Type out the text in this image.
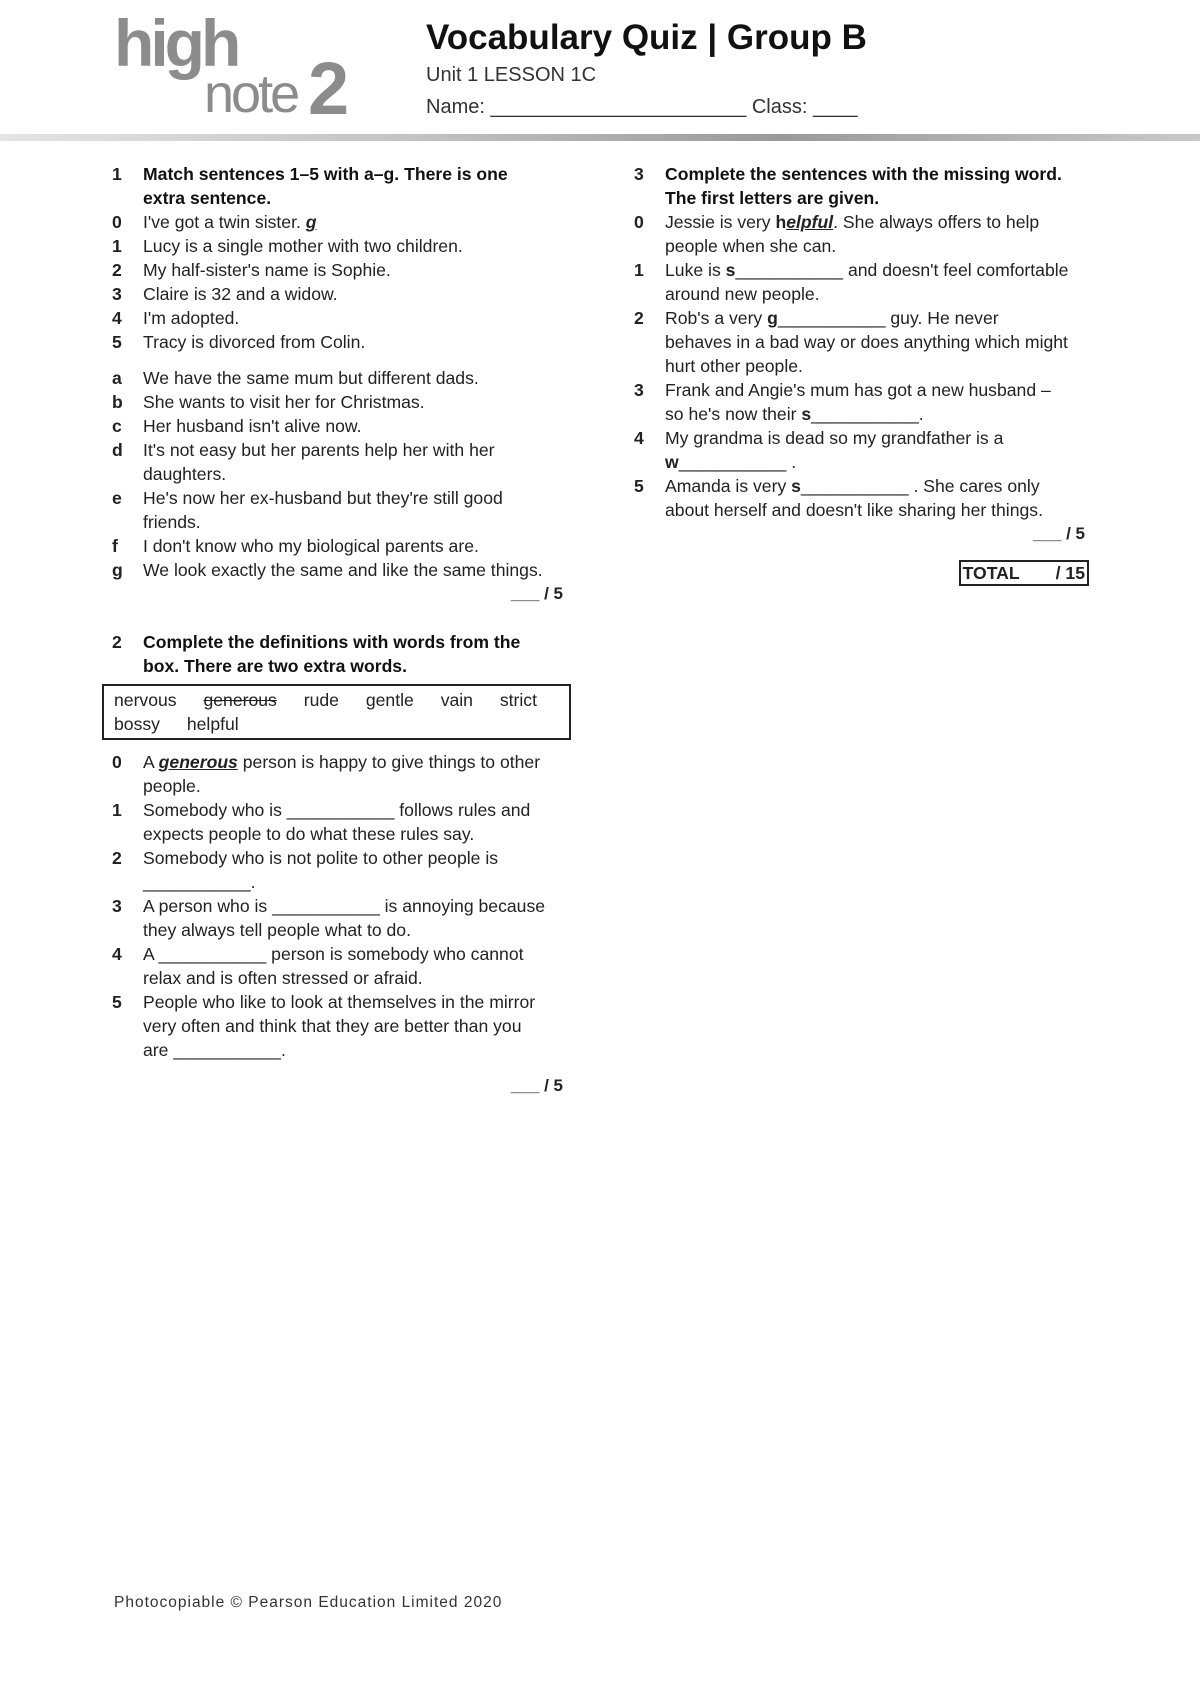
high
note 2
Vocabulary Quiz | Group B
Unit 1 LESSON 1C
Name: _______________________ Class: ____
1 Match sentences 1–5 with a–g. There is one
extra sentence.
0 I've got a twin sister. g
1 Lucy is a single mother with two children.
2 My half-sister's name is Sophie.
3 Claire is 32 and a widow.
4 I'm adopted.
5 Tracy is divorced from Colin.
a We have the same mum but different dads.
b She wants to visit her for Christmas.
c Her husband isn't alive now.
d It's not easy but her parents help her with her
daughters.
e He's now her ex-husband but they're still good
friends.
f I don't know who my biological parents are.
g We look exactly the same and like the same things.
___ / 5
2 Complete the definitions with words from the
box. There are two extra words.
nervous generous rude gentle vain strict
bossy helpful
0 A generous person is happy to give things to other
people.
1 Somebody who is ___________ follows rules and
expects people to do what these rules say.
2 Somebody who is not polite to other people is
___________.
3 A person who is ___________ is annoying because
they always tell people what to do.
4 A ___________ person is somebody who cannot
relax and is often stressed or afraid.
5 People who like to look at themselves in the mirror
very often and think that they are better than you
are ___________.
___ / 5
3 Complete the sentences with the missing word.
The first letters are given.
0 Jessie is very helpful. She always offers to help
people when she can.
1 Luke is s___________ and doesn't feel comfortable
around new people.
2 Rob's a very g___________ guy. He never
behaves in a bad way or does anything which might
hurt other people.
3 Frank and Angie's mum has got a new husband –
so he's now their s___________.
4 My grandma is dead so my grandfather is a
w___________ .
5 Amanda is very s___________ . She cares only
about herself and doesn't like sharing her things.
___ / 5
TOTAL / 15
Photocopiable © Pearson Education Limited 2020
